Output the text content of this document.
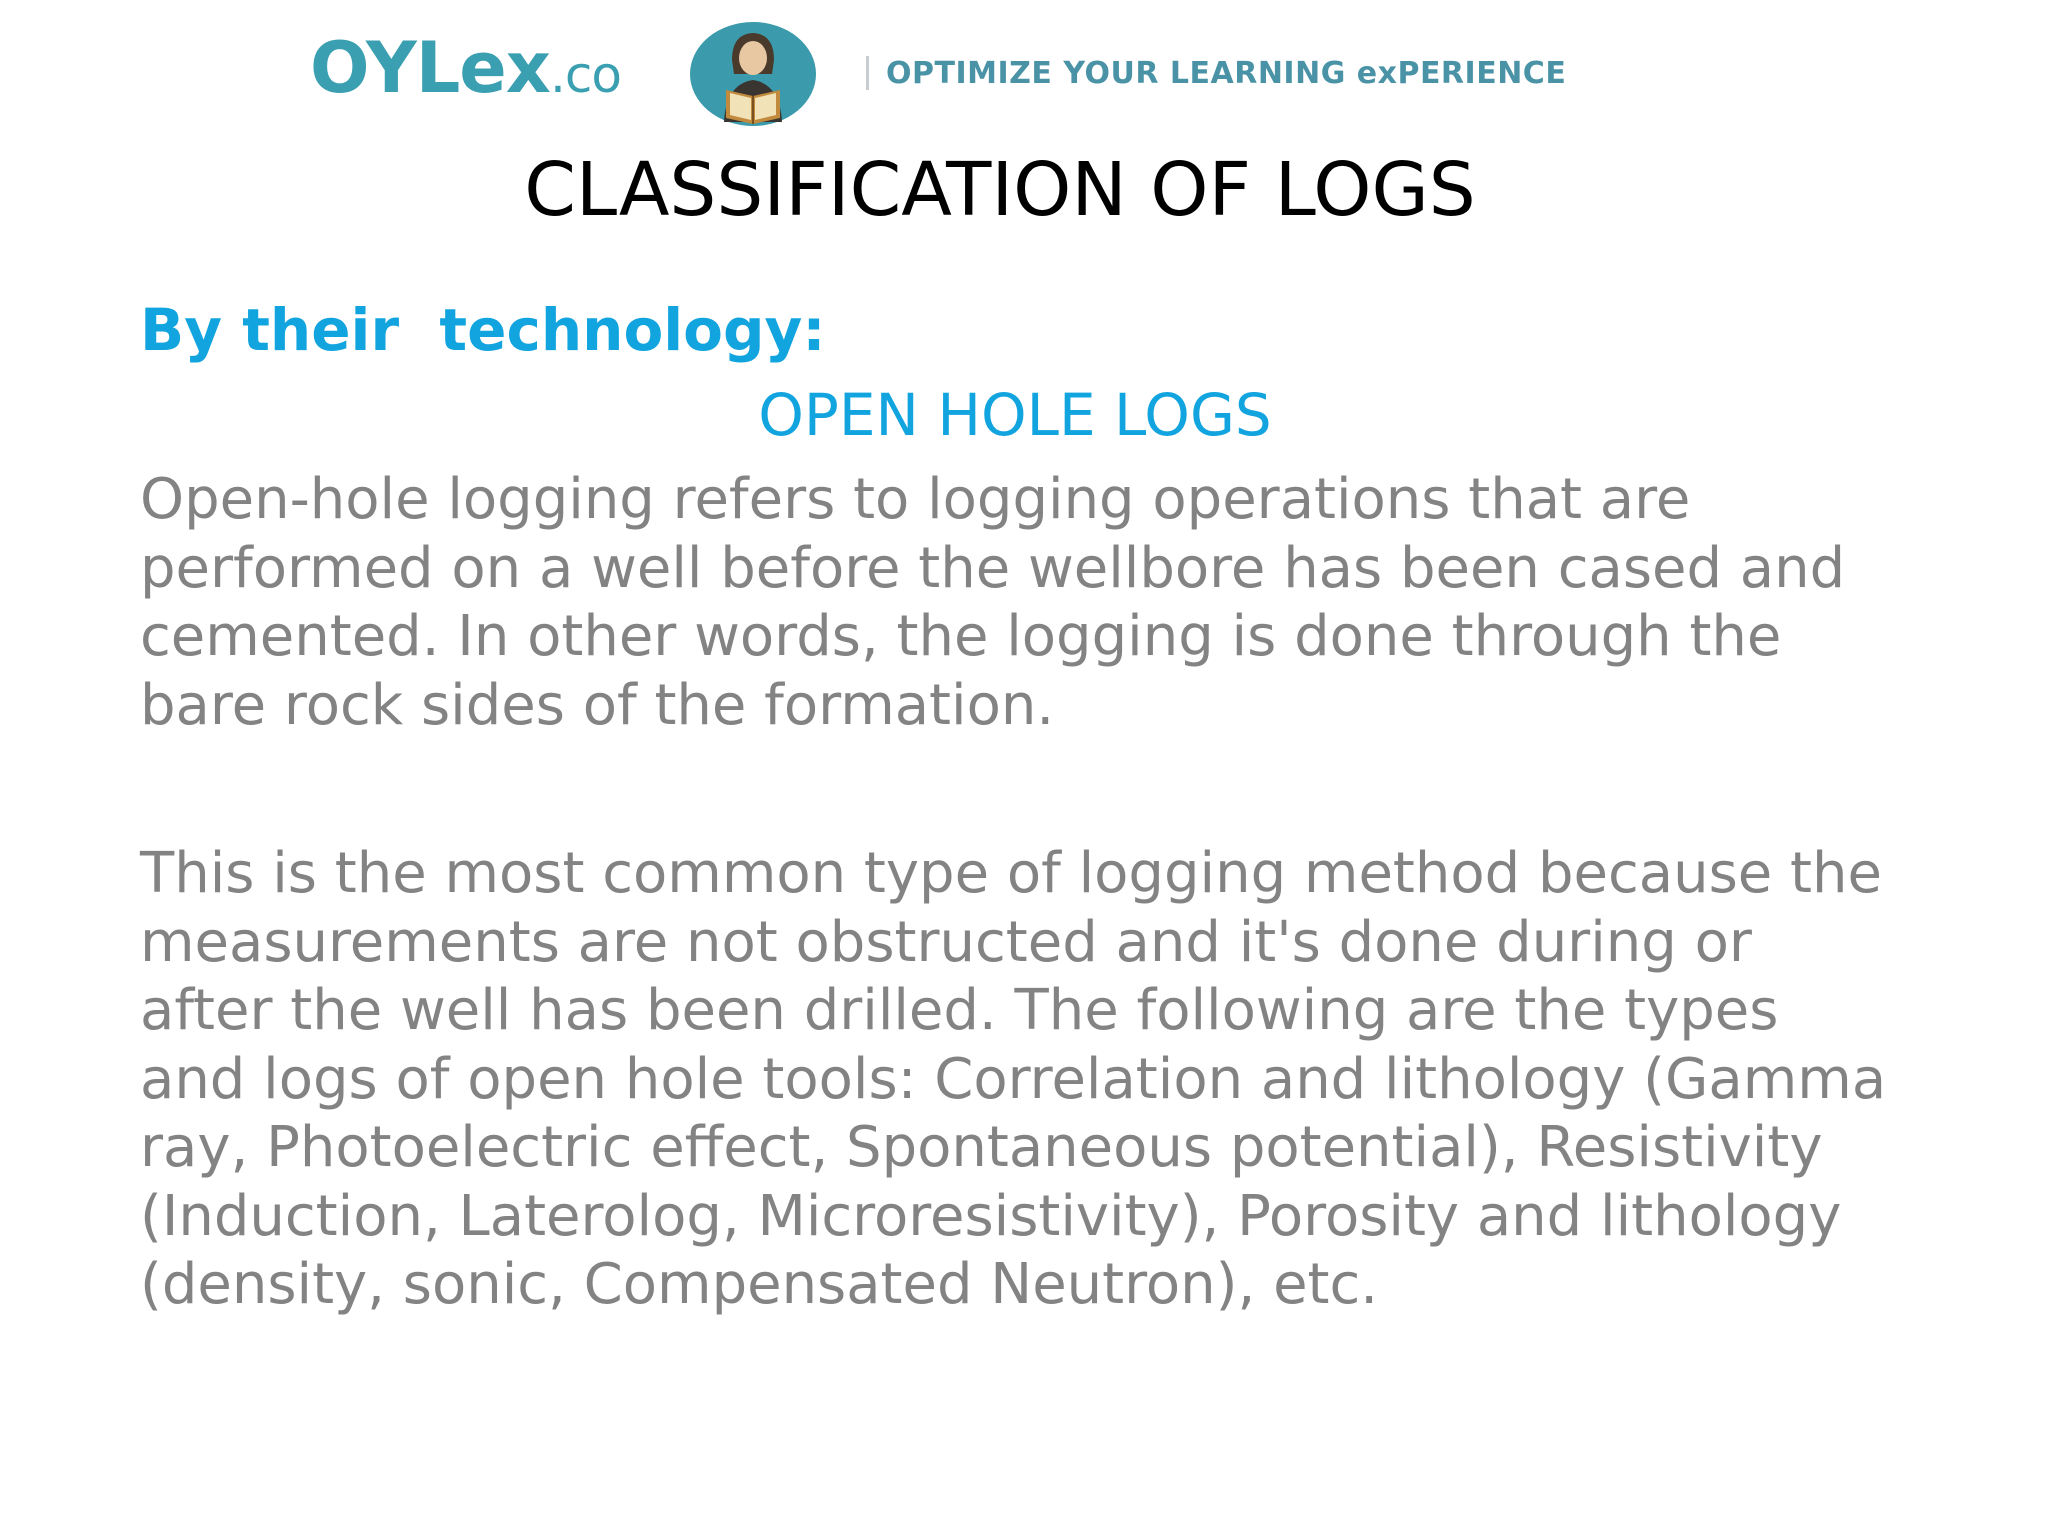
OYLex.co	OPTIMIZE YOUR LEARNING exPERIENCE
CLASSIFICATION OF LOGS
By their  technology:
OPEN HOLE LOGS

Open-hole logging refers to logging operations that are performed on a well before the wellbore has been cased and cemented. In other words, the logging is done through the bare rock sides of the formation.

This is the most common type of logging method because the measurements are not obstructed and it's done during or after the well has been drilled. The following are the types and logs of open hole tools: Correlation and lithology (Gamma ray, Photoelectric effect, Spontaneous potential), Resistivity (Induction, Laterolog, Microresistivity), Porosity and lithology (density, sonic, Compensated Neutron), etc.
